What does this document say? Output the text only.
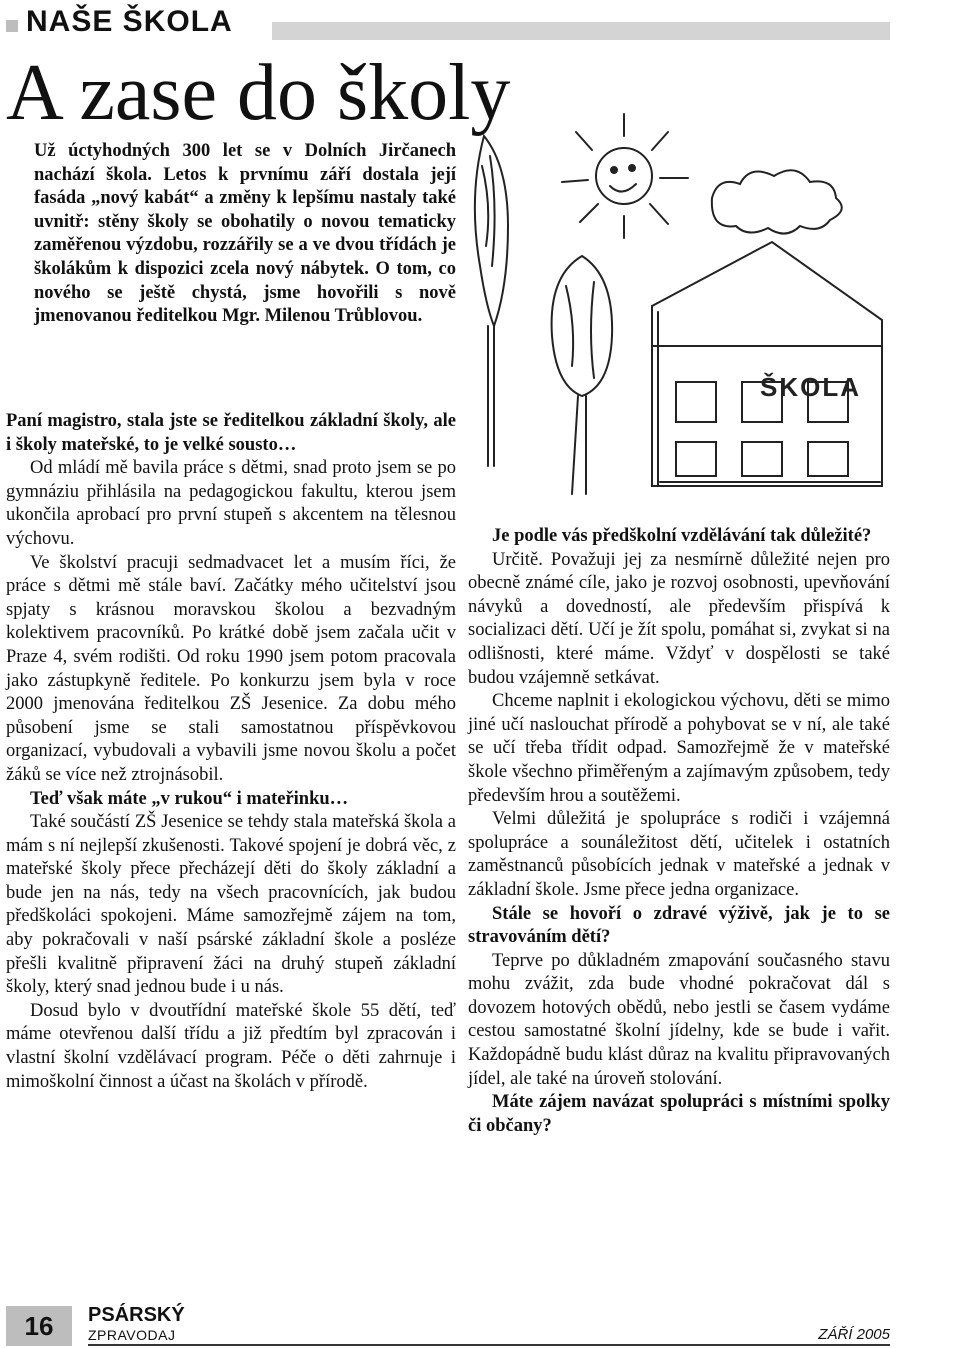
NAŠE ŠKOLA
A zase do školy

Už úctyhodných 300 let se v Dolních Jirčanech nachází škola. Letos k prvnímu září dostala její fasáda „nový kabát“ a změny k lepšímu nastaly také uvnitř: stěny školy se obohatily o novou tematicky zaměřenou výzdobu, rozzářily se a ve dvou třídách je školákům k dispozici zcela nový nábytek. O tom, co nového se ještě chystá, jsme hovořili s nově jmenovanou ředitelkou Mgr. Milenou Trůblovou.

ŠKOLA

Paní magistro, stala jste se ředitelkou základní školy, ale i školy mateřské, to je velké sousto…

Od mládí mě bavila práce s dětmi, snad proto jsem se po gymnáziu přihlásila na pedagogickou fakultu, kterou jsem ukončila aprobací pro první stupeň s akcentem na tělesnou výchovu.

Ve školství pracuji sedmadvacet let a musím říci, že práce s dětmi mě stále baví. Začátky mého učitelství jsou spjaty s krásnou moravskou školou a bezvadným kolektivem pracovníků. Po krátké době jsem začala učit v Praze 4, svém rodišti. Od roku 1990 jsem potom pracovala jako zástupkyně ředitele. Po konkurzu jsem byla v roce 2000 jmenována ředitelkou ZŠ Jesenice. Za dobu mého působení jsme se stali samostatnou příspěvkovou organizací, vybudovali a vybavili jsme novou školu a počet žáků se více než ztrojnásobil.

Teď však máte „v rukou“ i mateřinku…

Také součástí ZŠ Jesenice se tehdy stala mateřská škola a mám s ní nejlepší zkušenosti. Takové spojení je dobrá věc, z mateřské školy přece přecházejí děti do školy základní a bude jen na nás, tedy na všech pracovnících, jak budou předškoláci spokojeni. Máme samozřejmě zájem na tom, aby pokračovali v naší psárské základní škole a posléze přešli kvalitně připravení žáci na druhý stupeň základní školy, který snad jednou bude i u nás.

Dosud bylo v dvoutřídní mateřské škole 55 dětí, teď máme otevřenou další třídu a již předtím byl zpracován i vlastní školní vzdělávací program. Péče o děti zahrnuje i mimoškolní činnost a účast na školách v přírodě.

Je podle vás předškolní vzdělávání tak důležité?

Určitě. Považuji jej za nesmírně důležité nejen pro obecně známé cíle, jako je rozvoj osobnosti, upevňování návyků a dovedností, ale především přispívá k socializaci dětí. Učí je žít spolu, pomáhat si, zvykat si na odlišnosti, které máme. Vždyť v dospělosti se také budou vzájemně setkávat.

Chceme naplnit i ekologickou výchovu, děti se mimo jiné učí naslouchat přírodě a pohybovat se v ní, ale také se učí třeba třídit odpad. Samozřejmě že v mateřské škole všechno přiměřeným a zajímavým způsobem, tedy především hrou a soutěžemi.

Velmi důležitá je spolupráce s rodiči i vzájemná spolupráce a sounáležitost dětí, učitelek i ostatních zaměstnanců působících jednak v mateřské a jednak v základní škole. Jsme přece jedna organizace.

Stále se hovoří o zdravé výživě, jak je to se stravováním dětí?

Teprve po důkladném zmapování současného stavu mohu zvážit, zda bude vhodné pokračovat dál s dovozem hotových obědů, nebo jestli se časem vydáme cestou samostatné školní jídelny, kde se bude i vařit. Každopádně budu klást důraz na kvalitu připravovaných jídel, ale také na úroveň stolování.

Máte zájem navázat spolupráci s místními spolky či občany?

16	PSÁRSKÝ
ZPRAVODAJ	ZÁŘÍ 2005
